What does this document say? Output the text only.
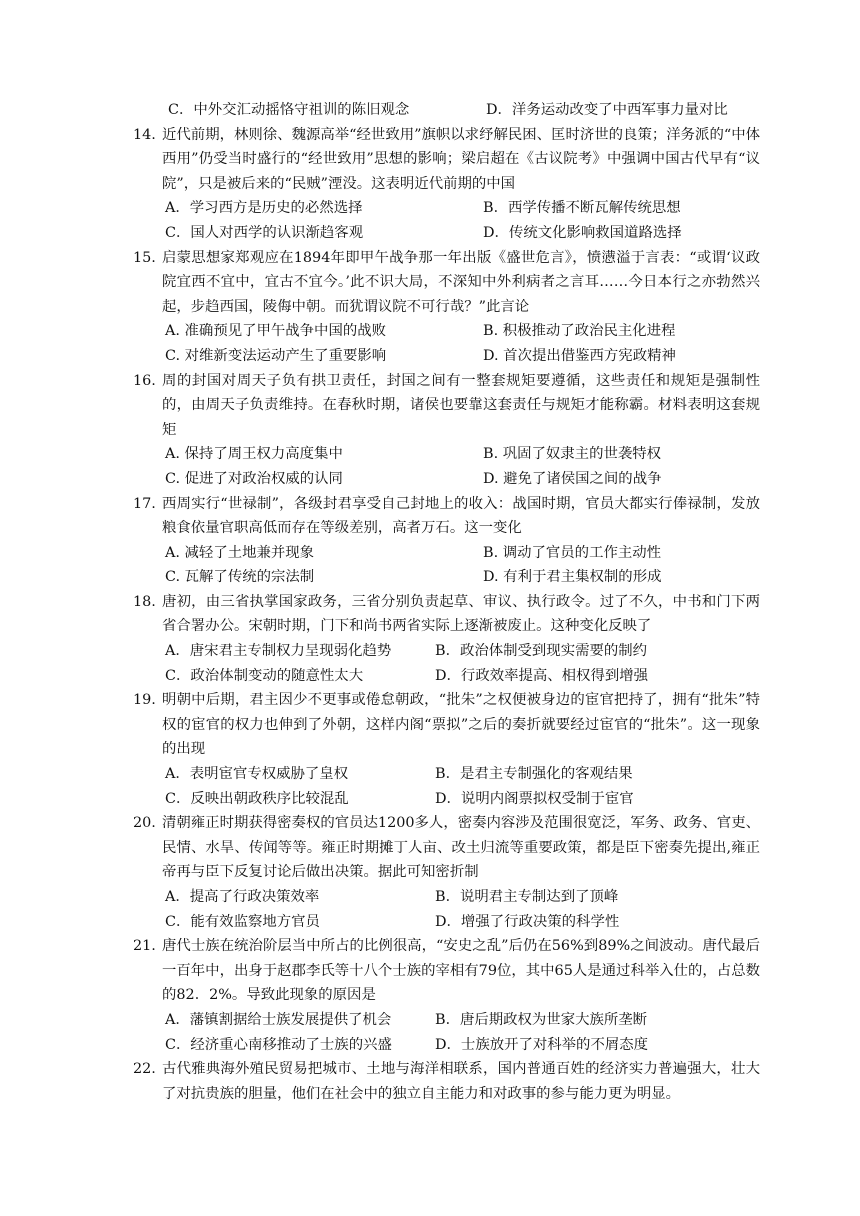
C．中外交汇动摇恪守祖训的陈旧观念	D．洋务运动改变了中西军事力量对比
14. 近代前期，林则徐、魏源高举“经世致用”旗帜以求纾解民困、匡时济世的良策；洋务派的“中体西用”仍受当时盛行的“经世致用”思想的影响；梁启超在《古议院考》中强调中国古代早有“议院”，只是被后来的“民贼”湮没。这表明近代前期的中国
A．学习西方是历史的必然选择	B．西学传播不断瓦解传统思想
C．国人对西学的认识渐趋客观	D．传统文化影响救国道路选择
15. 启蒙思想家郑观应在1894年即甲午战争那一年出版《盛世危言》，愤懑溢于言表：“或谓‘议政院宜西不宜中，宜古不宜今。’此不识大局，不深知中外利病者之言耳……今日本行之亦勃然兴起，步趋西国，陵侮中朝。而犹谓议院不可行哉？”此言论
A. 准确预见了甲午战争中国的战败	B. 积极推动了政治民主化进程
C. 对维新变法运动产生了重要影响	D. 首次提出借鉴西方宪政精神
16. 周的封国对周天子负有拱卫责任，封国之间有一整套规矩要遵循，这些责任和规矩是强制性的，由周天子负责维持。在春秋时期，诸侯也要靠这套责任与规矩才能称霸。材料表明这套规矩
A. 保持了周王权力高度集中	B. 巩固了奴隶主的世袭特权
C. 促进了对政治权威的认同	D. 避免了诸侯国之间的战争
17. 西周实行“世禄制”，各级封君享受自己封地上的收入：战国时期，官员大都实行俸禄制，发放粮食依量官职高低而存在等级差别，高者万石。这一变化
A. 减轻了土地兼并现象	B. 调动了官员的工作主动性
C. 瓦解了传统的宗法制	D. 有利于君主集权制的形成
18. 唐初，由三省执掌国家政务，三省分别负责起草、审议、执行政令。过了不久，中书和门下两省合署办公。宋朝时期，门下和尚书两省实际上逐渐被废止。这种变化反映了
A．唐宋君主专制权力呈现弱化趋势	B．政治体制受到现实需要的制约
C．政治体制变动的随意性太大	D．行政效率提高、相权得到增强
19. 明朝中后期，君主因少不更事或倦怠朝政，“批朱”之权便被身边的宦官把持了，拥有“批朱”特权的宦官的权力也伸到了外朝，这样内阁“票拟”之后的奏折就要经过宦官的“批朱”。这一现象的出现
A．表明宦官专权威胁了皇权	B．是君主专制强化的客观结果
C．反映出朝政秩序比较混乱	D．说明内阁票拟权受制于宦官
20. 清朝雍正时期获得密奏权的官员达1200多人，密奏内容涉及范围很宽泛，军务、政务、官吏、民情、水旱、传闻等等。雍正时期摊丁人亩、改土归流等重要政策，都是臣下密奏先提出,雍正帝再与臣下反复讨论后做出决策。据此可知密折制
A．提高了行政决策效率	B．说明君主专制达到了顶峰
C．能有效监察地方官员	D．增强了行政决策的科学性
21. 唐代士族在统治阶层当中所占的比例很高，“安史之乱”后仍在56%到89%之间波动。唐代最后一百年中，出身于赵郡李氏等十八个士族的宰相有79位，其中65人是通过科举入仕的，占总数的82．2%。导致此现象的原因是
A．藩镇割据给士族发展提供了机会	B．唐后期政权为世家大族所垄断
C．经济重心南移推动了士族的兴盛	D．士族放开了对科举的不屑态度
22. 古代雅典海外殖民贸易把城市、土地与海洋相联系，国内普通百姓的经济实力普遍强大，壮大了对抗贵族的胆量，他们在社会中的独立自主能力和对政事的参与能力更为明显。
